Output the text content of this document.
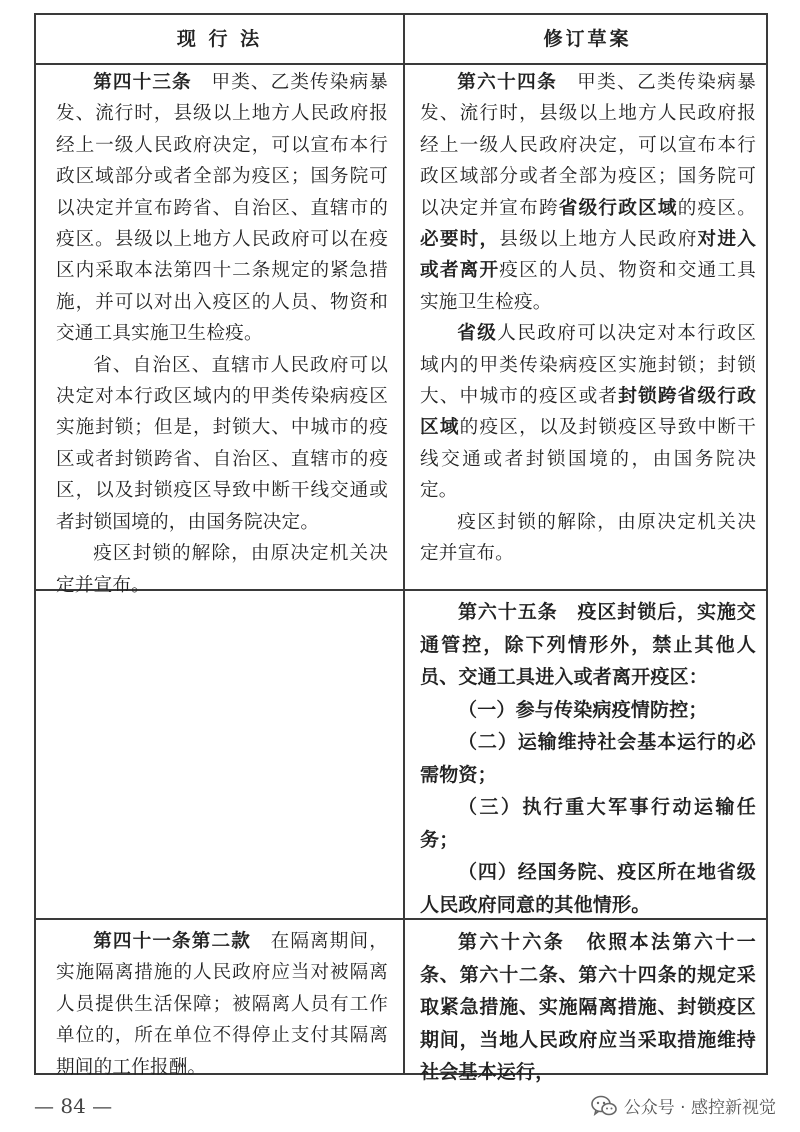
现 行 法	修订草案

第四十三条　甲类、乙类传染病暴发、流行时，县级以上地方人民政府报经上一级人民政府决定，可以宣布本行政区域部分或者全部为疫区；国务院可以决定并宣布跨省、自治区、直辖市的疫区。县级以上地方人民政府可以在疫区内采取本法第四十二条规定的紧急措施，并可以对出入疫区的人员、物资和交通工具实施卫生检疫。

省、自治区、直辖市人民政府可以决定对本行政区域内的甲类传染病疫区实施封锁；但是，封锁大、中城市的疫区或者封锁跨省、自治区、直辖市的疫区，以及封锁疫区导致中断干线交通或者封锁国境的，由国务院决定。

疫区封锁的解除，由原决定机关决定并宣布。

第六十四条　甲类、乙类传染病暴发、流行时，县级以上地方人民政府报经上一级人民政府决定，可以宣布本行政区域部分或者全部为疫区；国务院可以决定并宣布跨省级行政区域的疫区。必要时，县级以上地方人民政府对进入或者离开疫区的人员、物资和交通工具实施卫生检疫。

省级人民政府可以决定对本行政区域内的甲类传染病疫区实施封锁；封锁大、中城市的疫区或者封锁跨省级行政区域的疫区，以及封锁疫区导致中断干线交通或者封锁国境的，由国务院决定。

疫区封锁的解除，由原决定机关决定并宣布。

第六十五条　疫区封锁后，实施交通管控，除下列情形外，禁止其他人员、交通工具进入或者离开疫区：

（一）参与传染病疫情防控；

（二）运输维持社会基本运行的必需物资；

（三）执行重大军事行动运输任务；

（四）经国务院、疫区所在地省级人民政府同意的其他情形。

第四十一条第二款　在隔离期间，实施隔离措施的人民政府应当对被隔离人员提供生活保障；被隔离人员有工作单位的，所在单位不得停止支付其隔离期间的工作报酬。

第六十六条　依照本法第六十一条、第六十二条、第六十四条的规定采取紧急措施、实施隔离措施、封锁疫区期间，当地人民政府应当采取措施维持社会基本运行，

— 84 —	公众号 · 感控新视觉
